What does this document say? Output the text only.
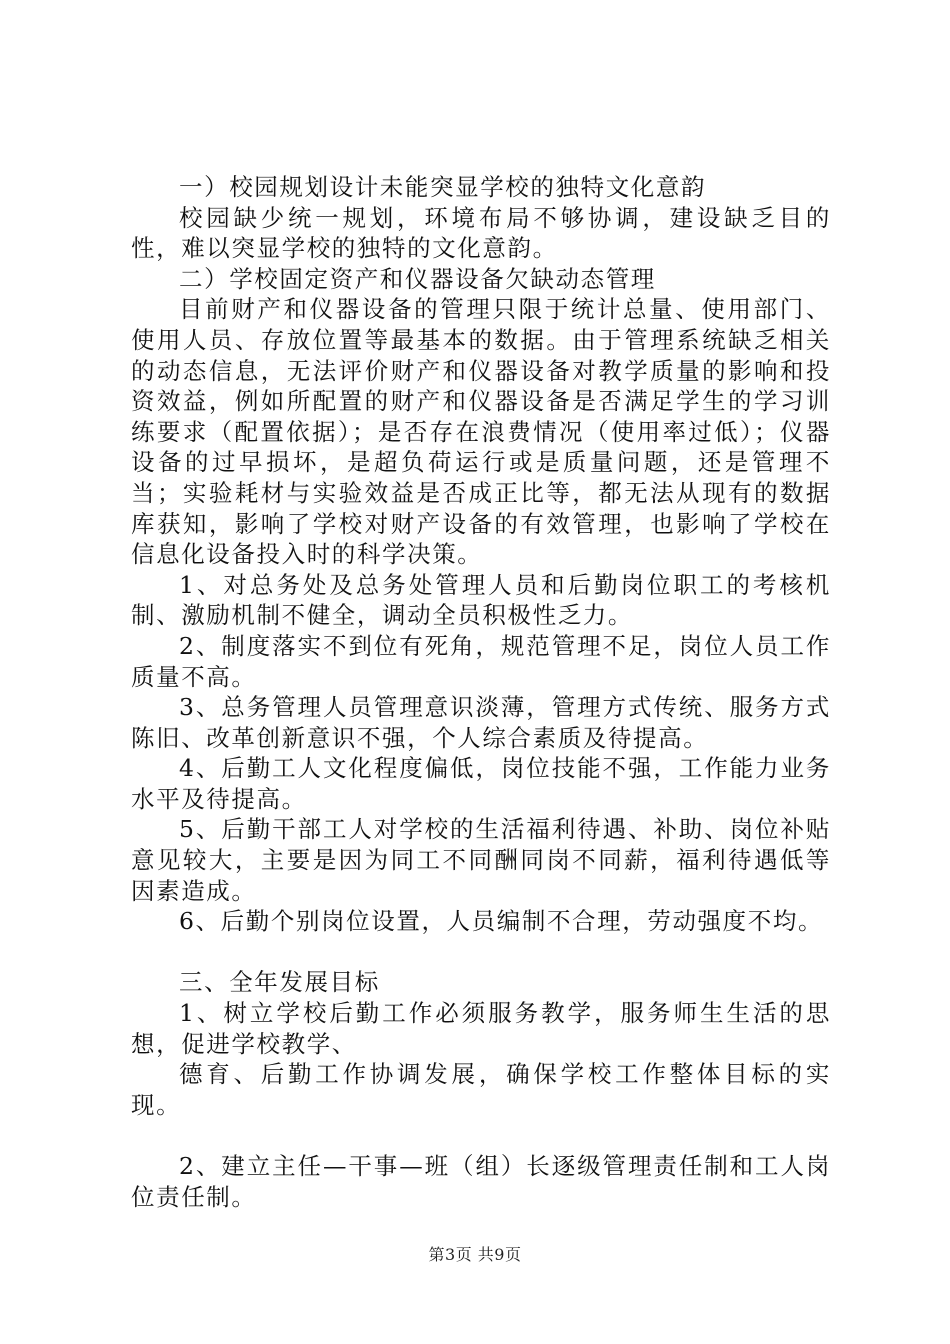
一）校园规划设计未能突显学校的独特文化意韵

校园缺少统一规划，环境布局不够协调，建设缺乏目的性，难以突显学校的独特的文化意韵。

二）学校固定资产和仪器设备欠缺动态管理

目前财产和仪器设备的管理只限于统计总量、使用部门、使用人员、存放位置等最基本的数据。由于管理系统缺乏相关的动态信息，无法评价财产和仪器设备对教学质量的影响和投资效益，例如所配置的财产和仪器设备是否满足学生的学习训练要求（配置依据）；是否存在浪费情况（使用率过低）；仪器设备的过早损坏，是超负荷运行或是质量问题，还是管理不当；实验耗材与实验效益是否成正比等，都无法从现有的数据库获知，影响了学校对财产设备的有效管理，也影响了学校在信息化设备投入时的科学决策。

1、对总务处及总务处管理人员和后勤岗位职工的考核机制、激励机制不健全，调动全员积极性乏力。

2、制度落实不到位有死角，规范管理不足，岗位人员工作质量不高。

3、总务管理人员管理意识淡薄，管理方式传统、服务方式陈旧、改革创新意识不强，个人综合素质及待提高。

4、后勤工人文化程度偏低，岗位技能不强，工作能力业务水平及待提高。

5、后勤干部工人对学校的生活福利待遇、补助、岗位补贴意见较大，主要是因为同工不同酬同岗不同薪，福利待遇低等因素造成。

6、后勤个别岗位设置，人员编制不合理，劳动强度不均。

三、全年发展目标

1、树立学校后勤工作必须服务教学，服务师生生活的思想，促进学校教学、

德育、后勤工作协调发展，确保学校工作整体目标的实现。

2、建立主任—干事—班（组）长逐级管理责任制和工人岗位责任制。

第3页 共9页
